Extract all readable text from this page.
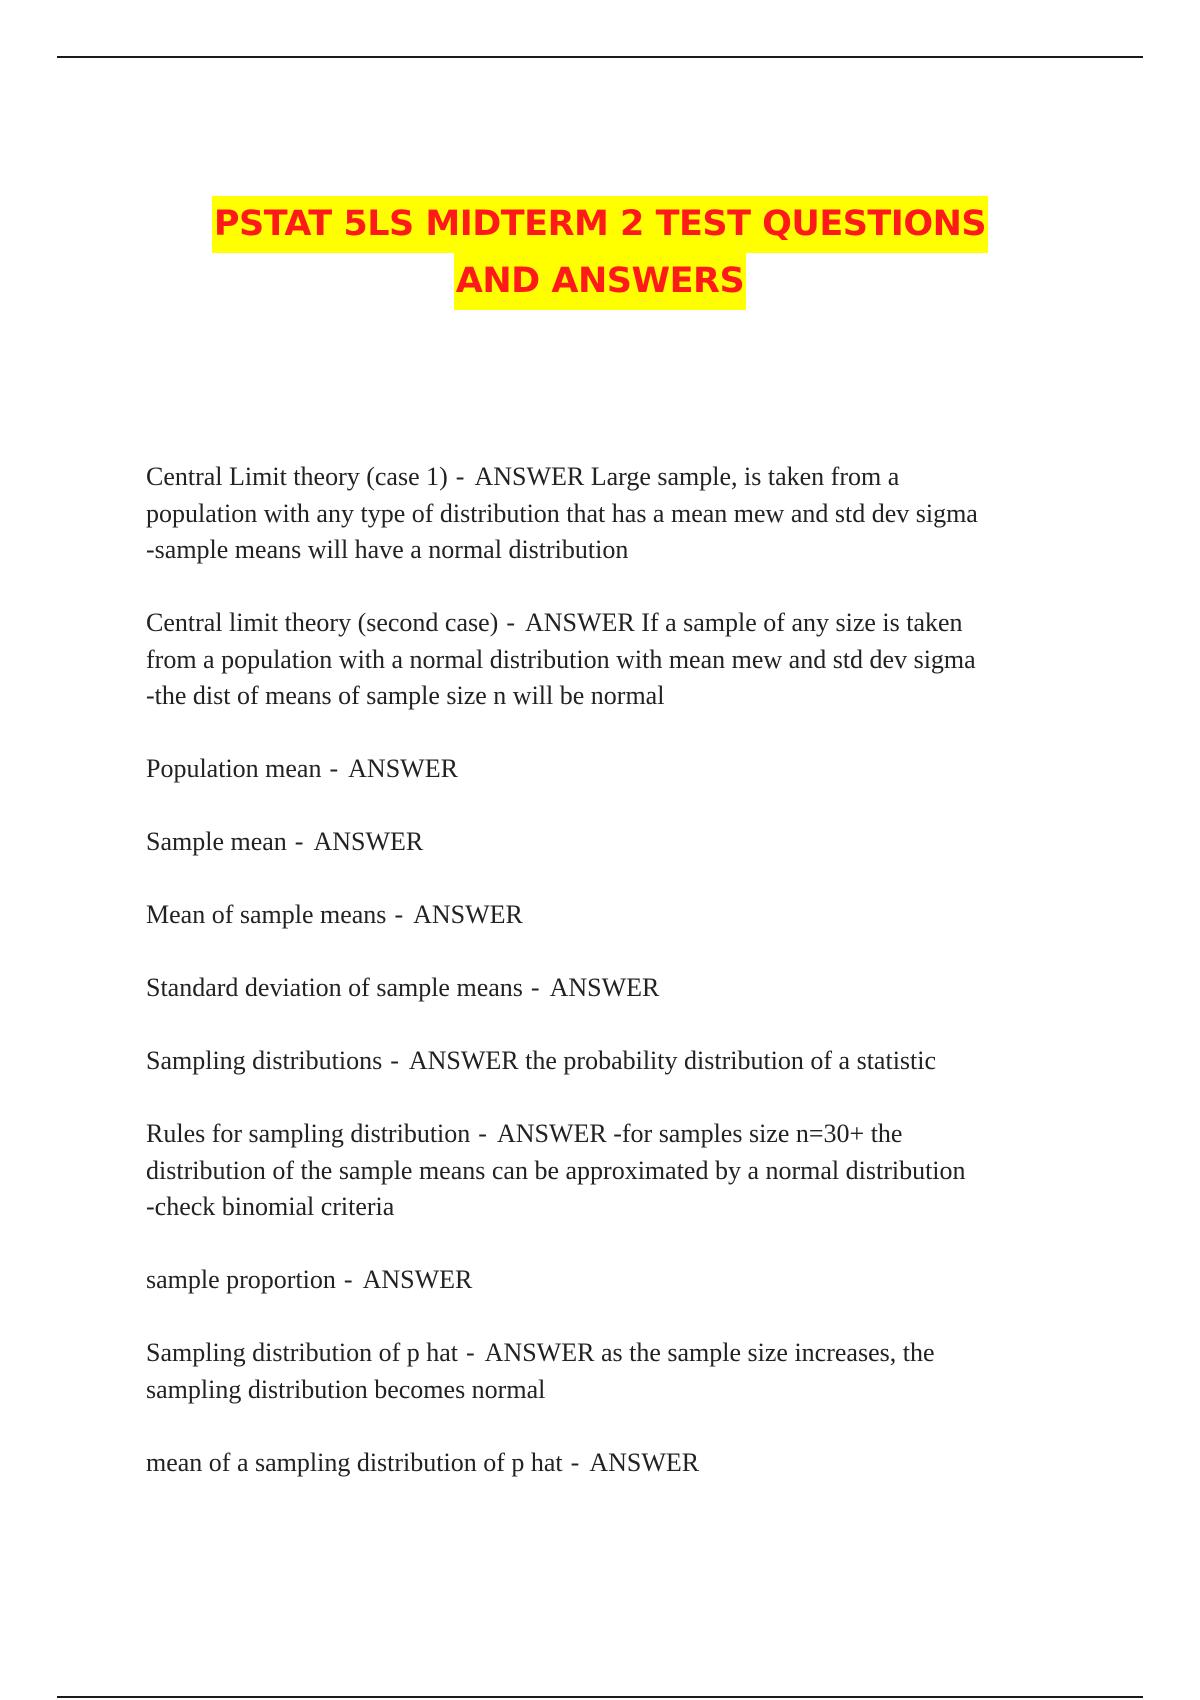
PSTAT 5LS MIDTERM 2 TEST QUESTIONS
AND ANSWERS
Central Limit theory (case 1) - ANSWER Large sample, is taken from a
population with any type of distribution that has a mean mew and std dev sigma
-sample means will have a normal distribution
Central limit theory (second case) - ANSWER If a sample of any size is taken
from a population with a normal distribution with mean mew and std dev sigma
-the dist of means of sample size n will be normal
Population mean - ANSWER
Sample mean - ANSWER
Mean of sample means - ANSWER
Standard deviation of sample means - ANSWER
Sampling distributions - ANSWER the probability distribution of a statistic
Rules for sampling distribution - ANSWER -for samples size n=30+ the
distribution of the sample means can be approximated by a normal distribution
-check binomial criteria
sample proportion - ANSWER
Sampling distribution of p hat - ANSWER as the sample size increases, the
sampling distribution becomes normal
mean of a sampling distribution of p hat - ANSWER
